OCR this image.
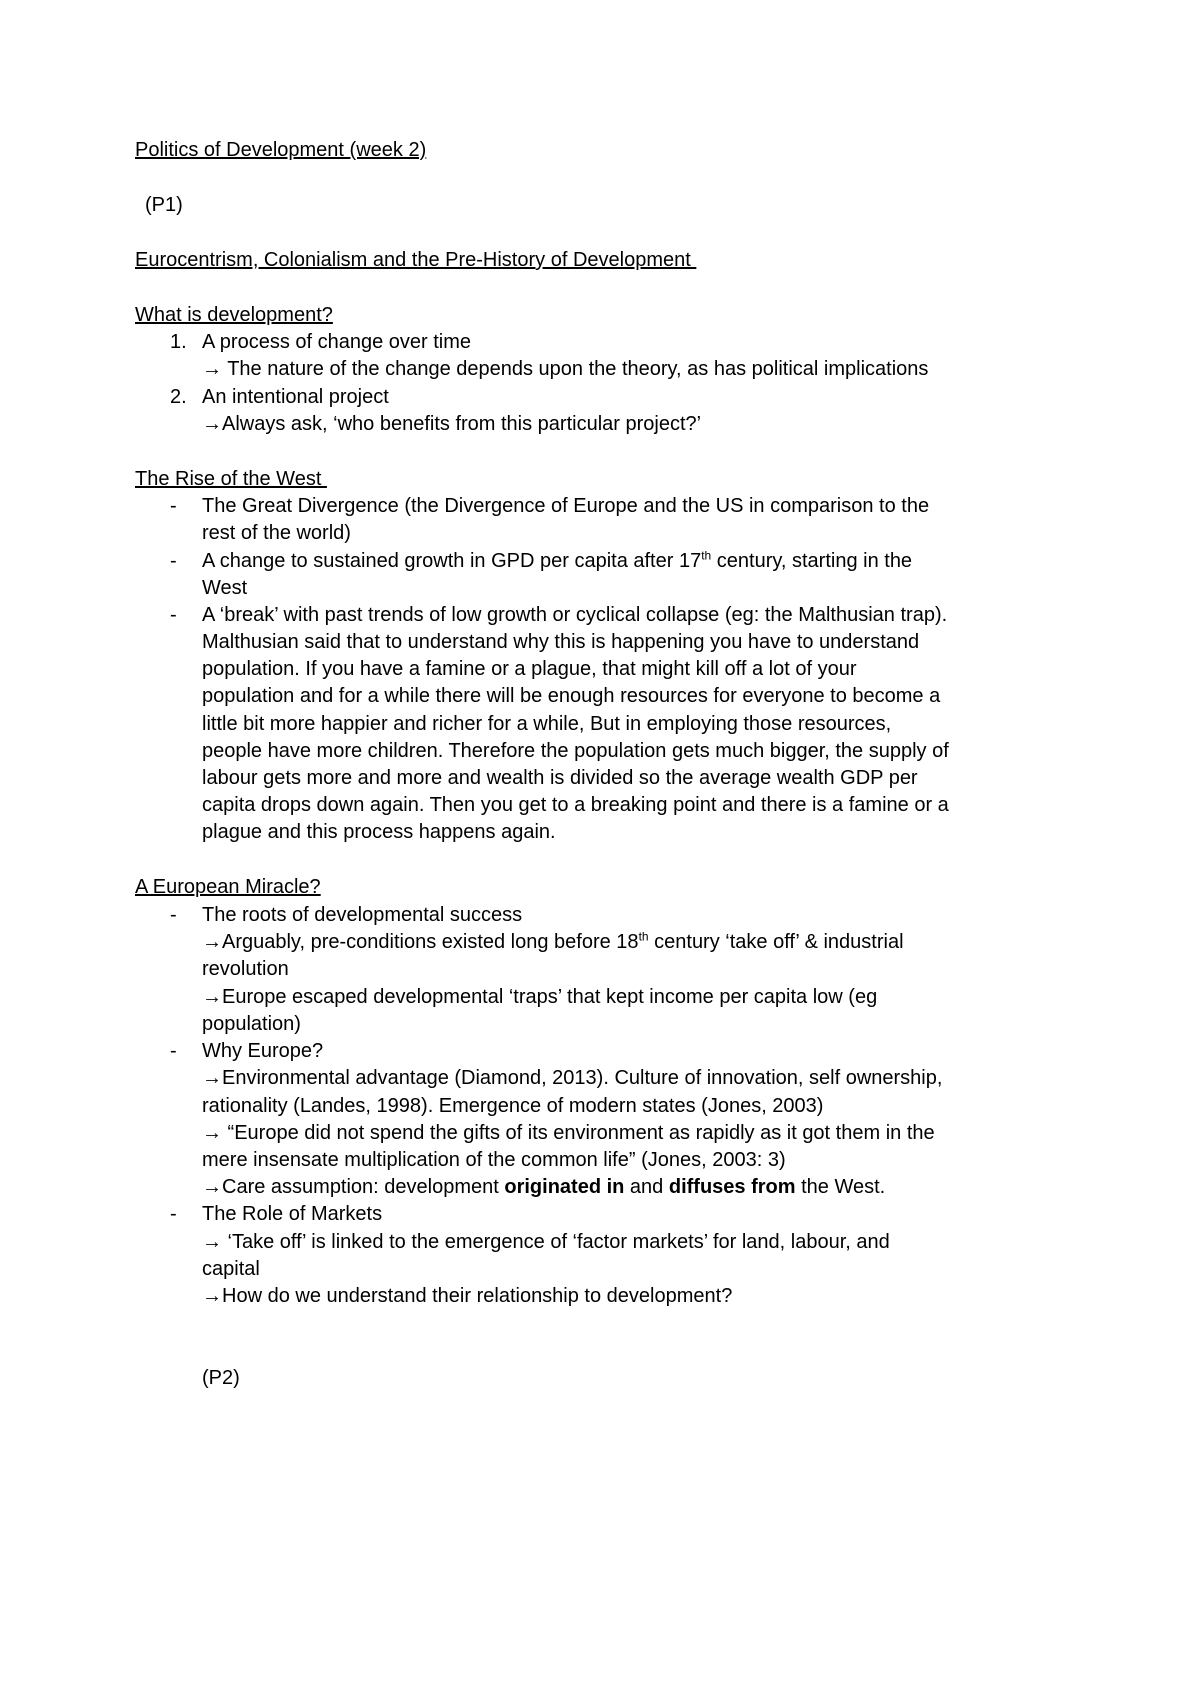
Politics of Development (week 2)
(P1)
Eurocentrism, Colonialism and the Pre-History of Development
What is development?
1. A process of change over time
→ The nature of the change depends upon the theory, as has political implications
2. An intentional project
→Always ask, ‘who benefits from this particular project?’
The Rise of the West
- The Great Divergence (the Divergence of Europe and the US in comparison to the
rest of the world)
- A change to sustained growth in GPD per capita after 17th century, starting in the
West
- A ‘break’ with past trends of low growth or cyclical collapse (eg: the Malthusian trap).
Malthusian said that to understand why this is happening you have to understand
population. If you have a famine or a plague, that might kill off a lot of your
population and for a while there will be enough resources for everyone to become a
little bit more happier and richer for a while, But in employing those resources,
people have more children. Therefore the population gets much bigger, the supply of
labour gets more and more and wealth is divided so the average wealth GDP per
capita drops down again. Then you get to a breaking point and there is a famine or a
plague and this process happens again.
A European Miracle?
- The roots of developmental success
→Arguably, pre-conditions existed long before 18th century ‘take off’ & industrial
revolution
→Europe escaped developmental ‘traps’ that kept income per capita low (eg
population)
- Why Europe?
→Environmental advantage (Diamond, 2013). Culture of innovation, self ownership,
rationality (Landes, 1998). Emergence of modern states (Jones, 2003)
→ “Europe did not spend the gifts of its environment as rapidly as it got them in the
mere insensate multiplication of the common life” (Jones, 2003: 3)
→Care assumption: development originated in and diffuses from the West.
- The Role of Markets
→ ‘Take off’ is linked to the emergence of ‘factor markets’ for land, labour, and
capital
→How do we understand their relationship to development?
(P2)
